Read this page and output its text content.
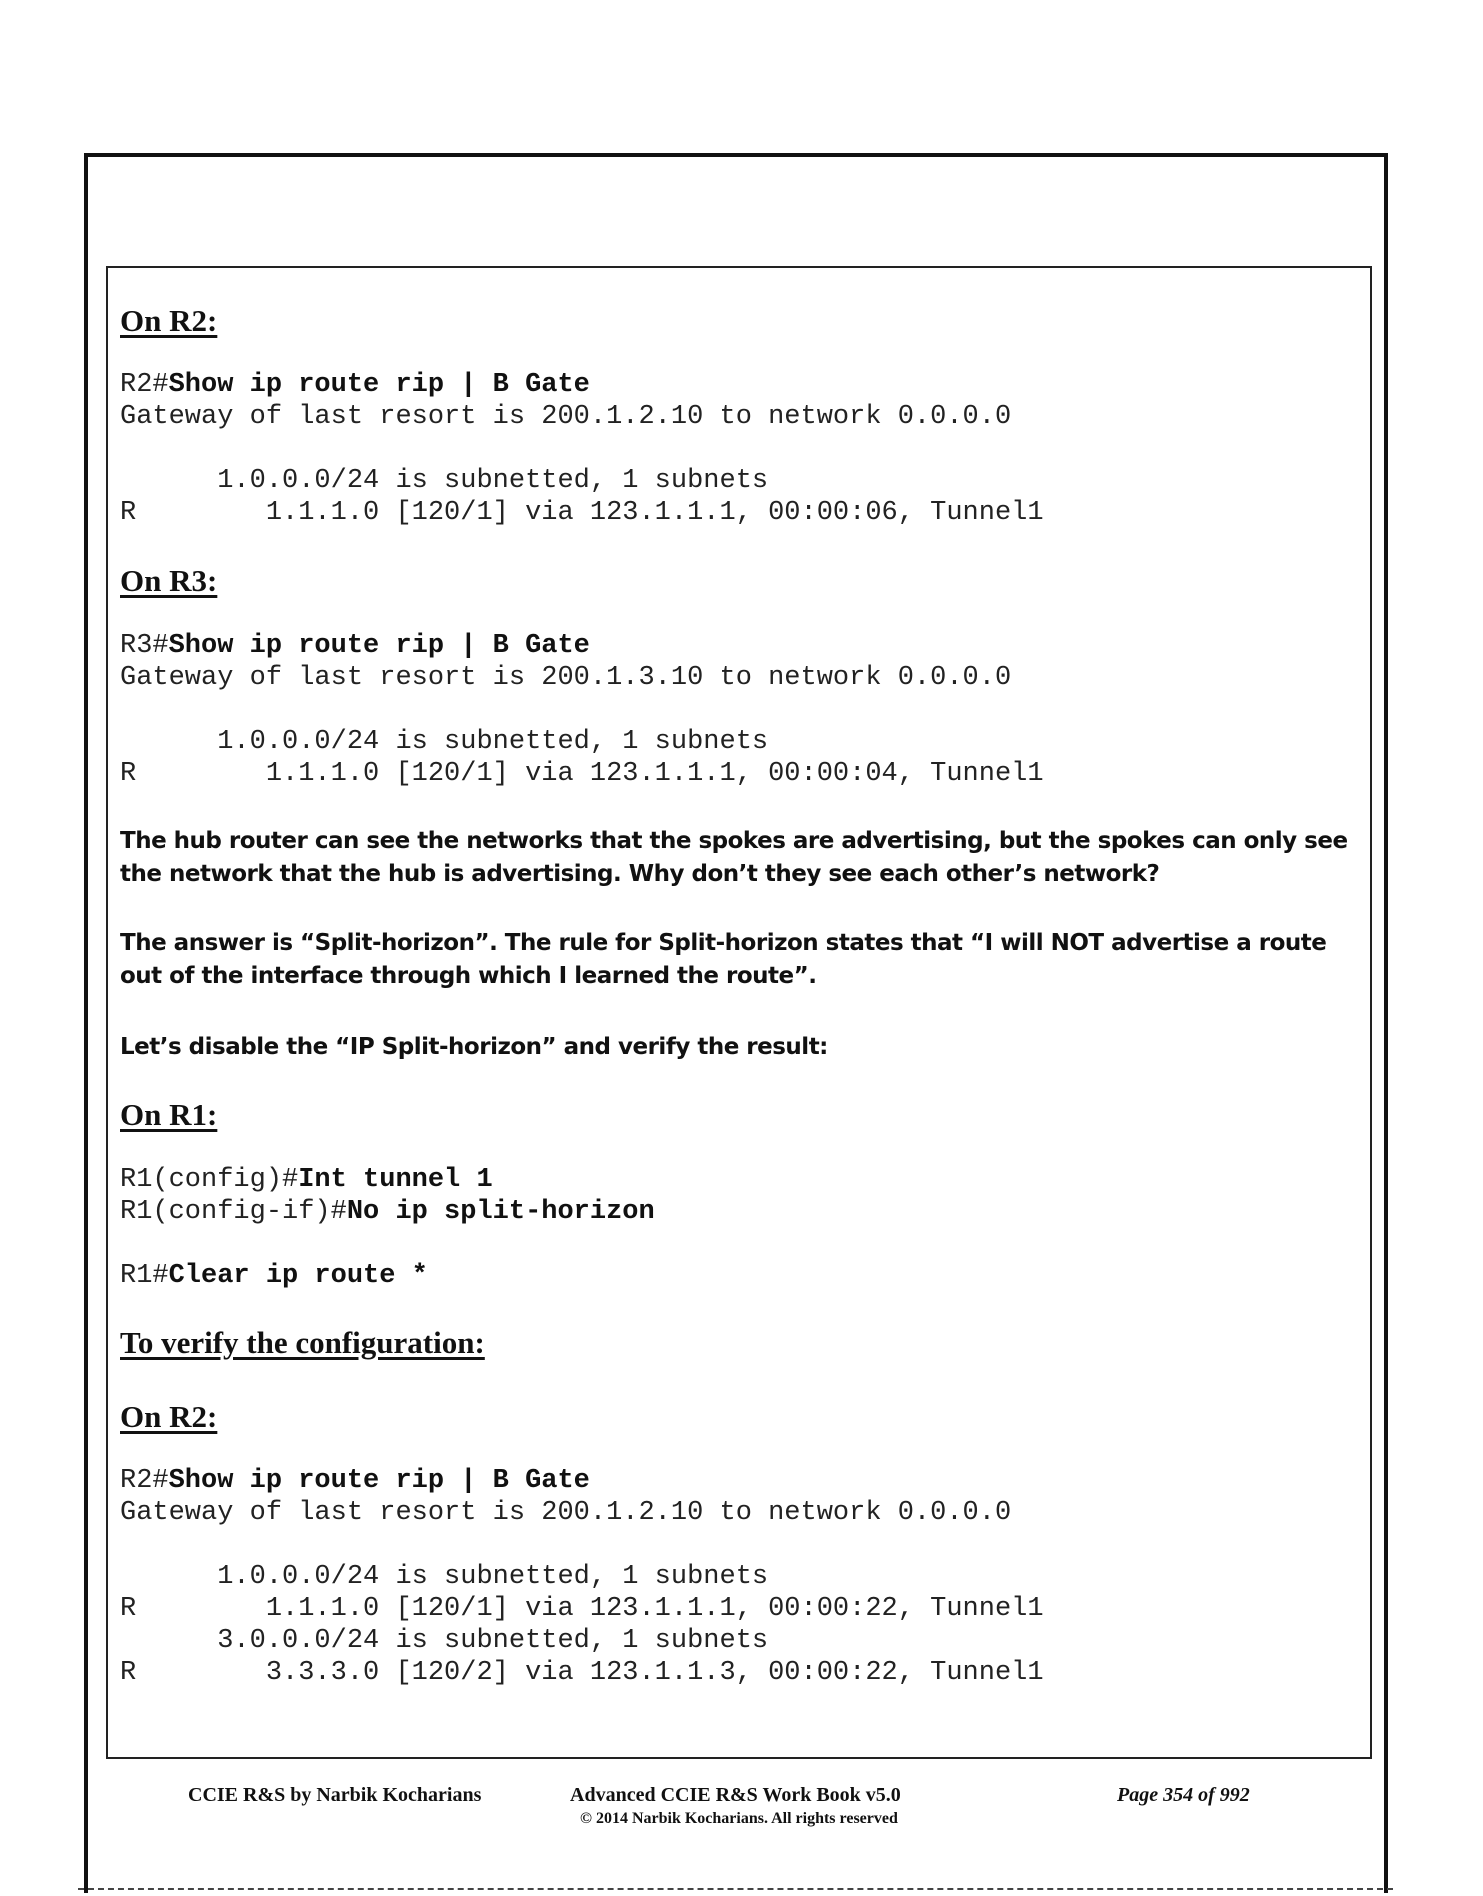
On R2:

R2#Show ip route rip | B Gate
Gateway of last resort is 200.1.2.10 to network 0.0.0.0

1.0.0.0/24 is subnetted, 1 subnets
R        1.1.1.0 [120/1] via 123.1.1.1, 00:00:06, Tunnel1

On R3:

R3#Show ip route rip | B Gate
Gateway of last resort is 200.1.3.10 to network 0.0.0.0

1.0.0.0/24 is subnetted, 1 subnets
R        1.1.1.0 [120/1] via 123.1.1.1, 00:00:04, Tunnel1

The hub router can see the networks that the spokes are advertising, but the spokes can only see the network that the hub is advertising. Why don’t they see each other’s network?

The answer is “Split-horizon”. The rule for Split-horizon states that “I will NOT advertise a route out of the interface through which I learned the route”.

Let’s disable the “IP Split-horizon” and verify the result:

On R1:

R1(config)#Int tunnel 1
R1(config-if)#No ip split-horizon
R1#Clear ip route *

To verify the configuration:

On R2:

R2#Show ip route rip | B Gate
Gateway of last resort is 200.1.2.10 to network 0.0.0.0

1.0.0.0/24 is subnetted, 1 subnets
R        1.1.1.0 [120/1] via 123.1.1.1, 00:00:22, Tunnel1
3.0.0.0/24 is subnetted, 1 subnets
R        3.3.3.0 [120/2] via 123.1.1.3, 00:00:22, Tunnel1
CCIE R&S by Narbik Kocharians	Advanced CCIE R&S Work Book v5.0
© 2014 Narbik Kocharians. All rights reserved
Page 354 of 992
